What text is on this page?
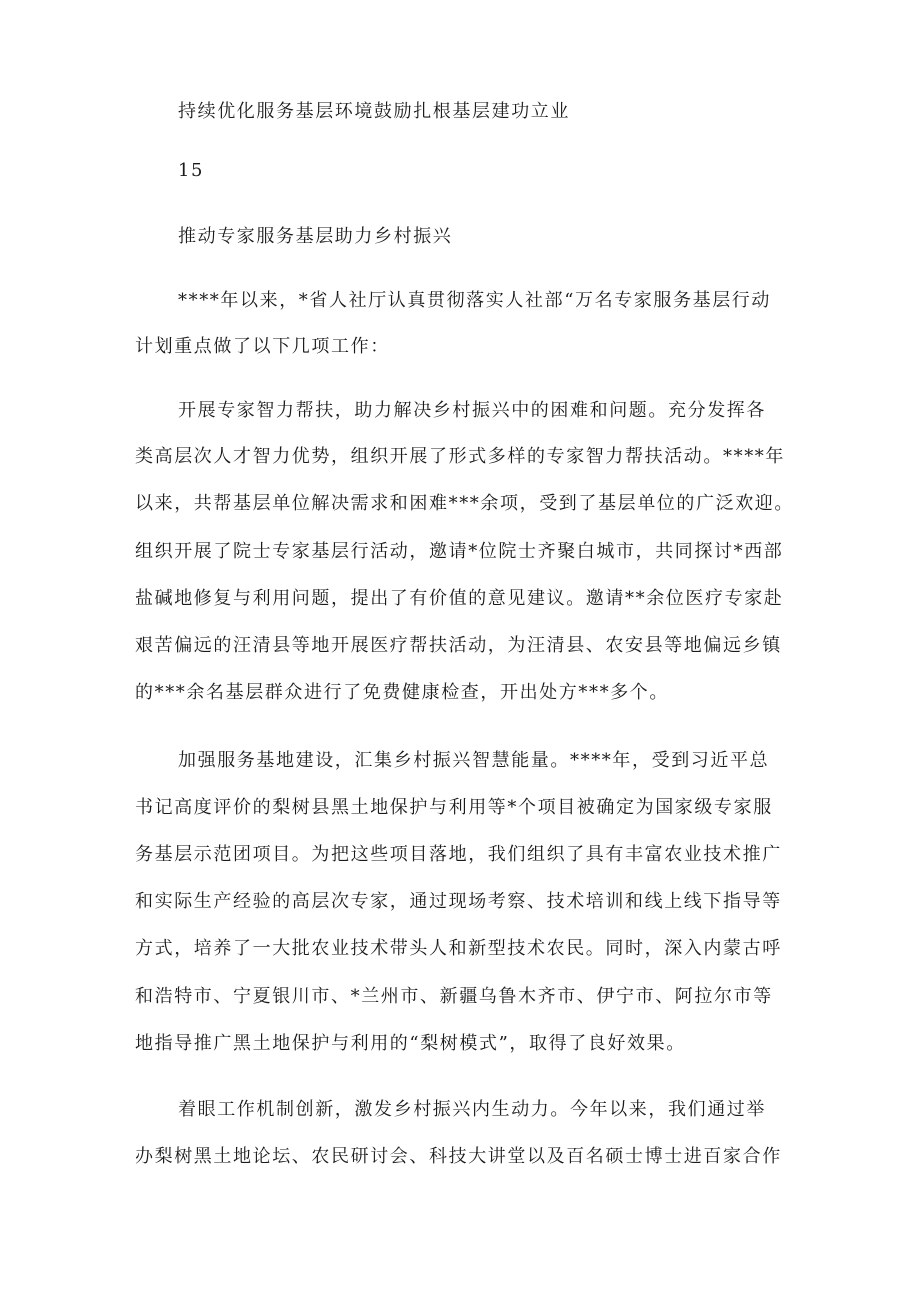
持续优化服务基层环境鼓励扎根基层建功立业
15
推动专家服务基层助力乡村振兴
****年以来，*省人社厅认真贯彻落实人社部“万名专家服务基层行动
计划重点做了以下几项工作：
开展专家智力帮扶，助力解决乡村振兴中的困难和问题。充分发挥各
类高层次人才智力优势，组织开展了形式多样的专家智力帮扶活动。****年
以来，共帮基层单位解决需求和困难***余项，受到了基层单位的广泛欢迎。
组织开展了院士专家基层行活动，邀请*位院士齐聚白城市，共同探讨*西部
盐碱地修复与利用问题，提出了有价值的意见建议。邀请**余位医疗专家赴
艰苦偏远的汪清县等地开展医疗帮扶活动，为汪清县、农安县等地偏远乡镇
的***余名基层群众进行了免费健康检查，开出处方***多个。
加强服务基地建设，汇集乡村振兴智慧能量。****年，受到习近平总
书记高度评价的梨树县黑土地保护与利用等*个项目被确定为国家级专家服
务基层示范团项目。为把这些项目落地，我们组织了具有丰富农业技术推广
和实际生产经验的高层次专家，通过现场考察、技术培训和线上线下指导等
方式，培养了一大批农业技术带头人和新型技术农民。同时，深入内蒙古呼
和浩特市、宁夏银川市、*兰州市、新疆乌鲁木齐市、伊宁市、阿拉尔市等
地指导推广黑土地保护与利用的“梨树模式”，取得了良好效果。
着眼工作机制创新，激发乡村振兴内生动力。今年以来，我们通过举
办梨树黑土地论坛、农民研讨会、科技大讲堂以及百名硕士博士进百家合作
